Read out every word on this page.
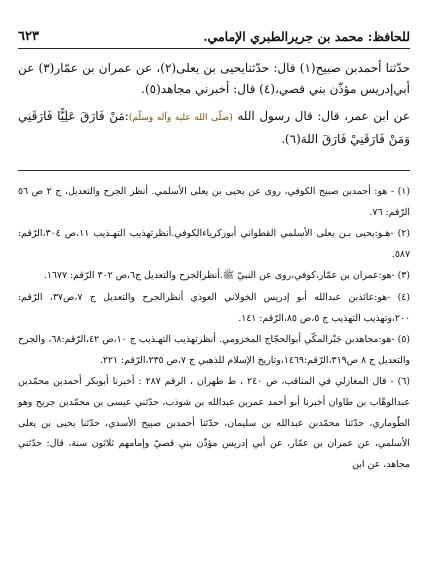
للحافظ: محمد بن جريرالطبري الإمامي.
٦٢٣

حدّثنا أحمدبن صبيح(١) قال: حدّثنايحيى بن يعلى(٢)، عن عمران بن عمّار(٣) عن أبي‌إدريس مؤذّن بني قصي،(٤) قال: أخبرني مجاهد(٥).

عن ابن عمر، قال: قال رسول الله (صلّى الله عليه وآله وسلّم):مَنْ فَارَقَ عَلِيًّا فَارَقَنِي وَمَنْ فَارَقَنِيْ فَارَقَ اللهَ(٦).

(١) - هو: أحمدبن صبيح الكوفي، روى عن يحيى بن يعلى الأسلمي. أنظر الجرح والتعديل، ج ٢ ص ٥٦ الرّقم: ٧٦.

(٢) -هـو:يحيى بـن يعلى الأسلمي القطواني أبوزكرياءالكوفي.أنظرتهذيب التهـذيب ١١،ص ٣٠٤،الرّقم: ٥٨٧.

(٣) -هو:عمران بن عمّار،كوفي،روى عن النبيّ ﷺ.أنظرالجرح والتعديل ج٦،ص ٣٠٢ الرّقم: ١٦٧٧.

(٤) -هو:عائذبن عبدالله أبو إدريس الخولاني العوذي أنظرالجرح والتعديل ج ٧،ص٣٧، الرّقم: ٢٠٠،وتهذيب التهذيب ج ٥،ص ٨٥،الرّقم: ١٤١.

(٥) -هو:مجاهدبن جَبْرالمكّي أبوالحجّاج المخزومي. أنظرتهذيب التهـذيب ج ١٠،ص ٤٢،الرّقم:٦٨، والجرح والتعديل ج ٨ ص٣١٩،الرّقم:١٤٦٩،وتاريخ الإسلام للذهبي ج ٧،ص ٢٣٥،الرّقم: ٢٢١.

(٦) - قال المغازلي في المناقب، ص ٢٤٠ ، ط طهران ، الرقم ٢٨٧ : أخبرنا أبوبكر أحمدبن محمّدبن عبدالوهّاب بن طاوان أخبرنا أبو أحمد عمربن عبدالله بن شوذب، حدّثني عيسى بن محمّدبن جريح وهو الطّوماري، حدّثنا محمّدبن عبدالله بن سليمان، حدّثنا أحمدبن صبيح الأسدي، حدّثنا يحيى بن يعلى الأسلمي، عن عمران بن عمّار، عن أبي إدريس مؤذّن بني قصيّ وإمامهم ثلاثون سنة، قال: حدّثني مجاهد، عن ابن
